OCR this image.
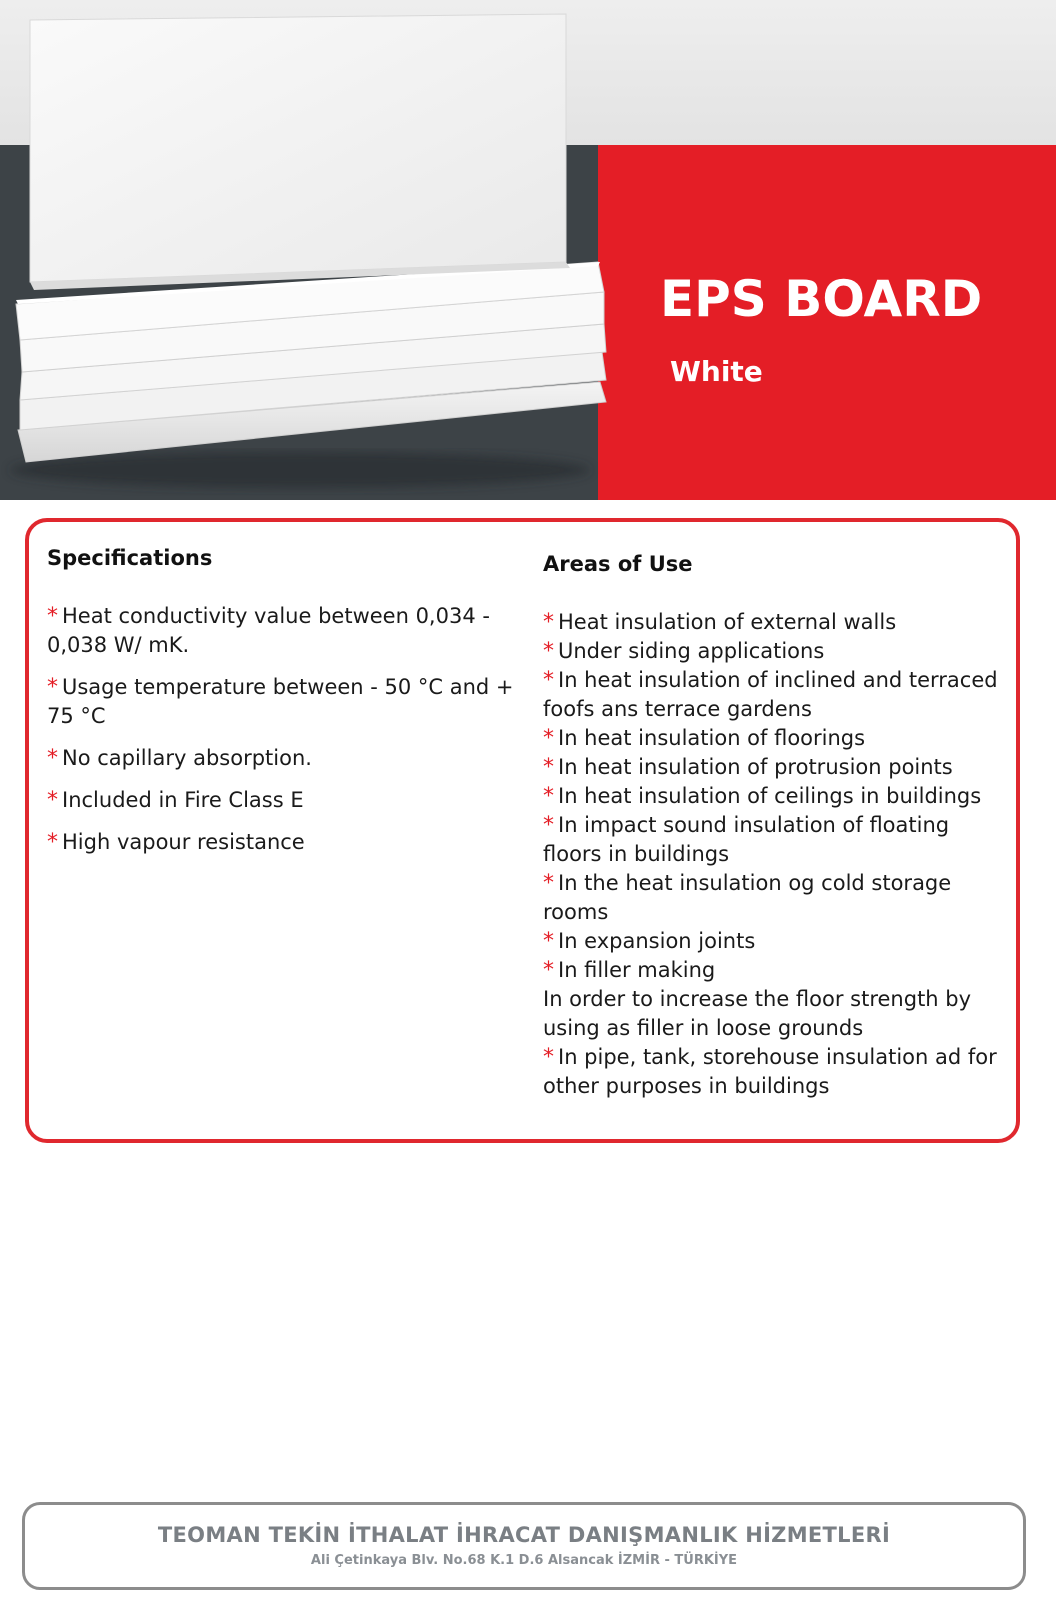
EPS BOARD

White

Specifications
* Heat conductivity value between 0,034 - 0,038 W/ mK.
* Usage temperature between - 50 °C and + 75 °C
* No capillary absorption.
* Included in Fire Class E
* High vapour resistance
Areas of Use
* Heat insulation of external walls
* Under siding applications
* In heat insulation of inclined and terraced foofs ans terrace gardens
* In heat insulation of floorings
* In heat insulation of protrusion points
* In heat insulation of ceilings in buildings
* In impact sound insulation of floating floors in buildings
* In the heat insulation og cold storage rooms
* In expansion joints
* In filler making
In order to increase the floor strength by using as filler in loose grounds
* In pipe, tank, storehouse insulation ad for other purposes in buildings

TEOMAN TEKİN İTHALAT İHRACAT DANIŞMANLIK HİZMETLERİ

Ali Çetinkaya Blv. No.68 K.1 D.6 Alsancak İZMİR - TÜRKİYE
